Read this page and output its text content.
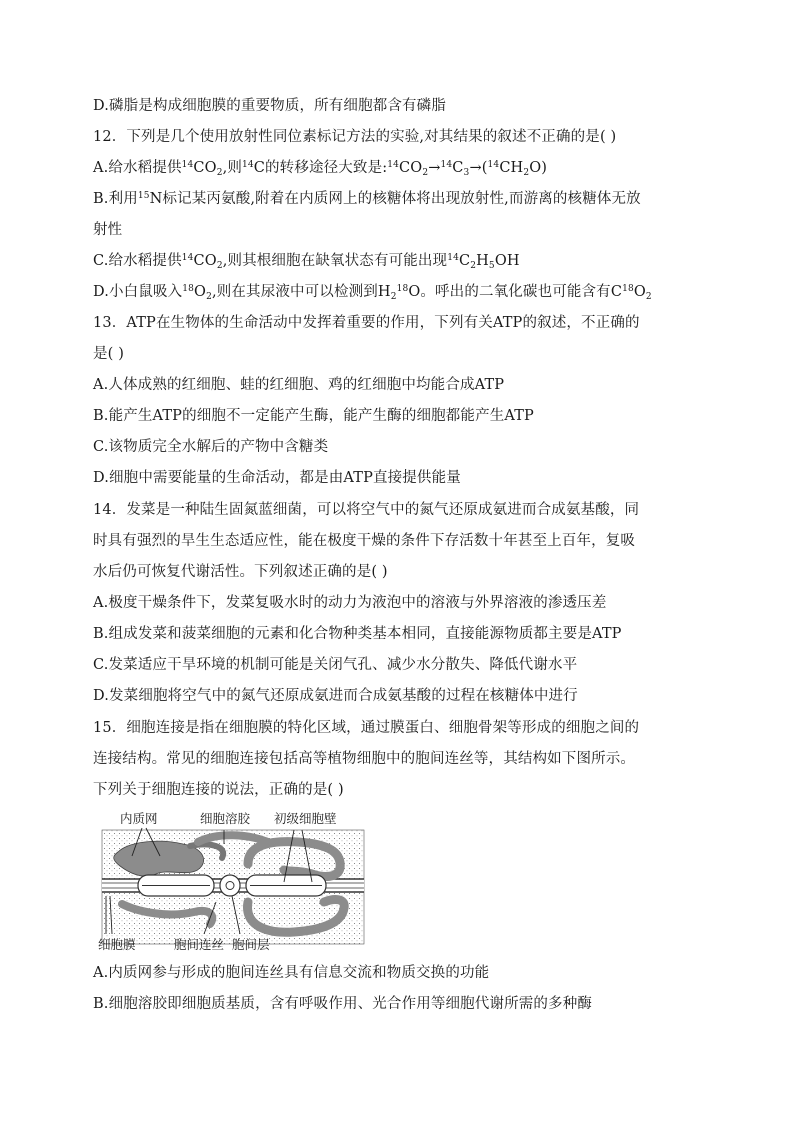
D.磷脂是构成细胞膜的重要物质，所有细胞都含有磷脂
12．下列是几个使用放射性同位素标记方法的实验,对其结果的叙述不正确的是( )
A.给水稻提供$^{14}CO_2$,则$^{14}$C的转移途径大致是$:^{14}CO_2\to^{14}C_3\to(^{14}CH_2O)$
B.利用$^{15}$N标记某丙氨酸,附着在内质网上的核糖体将出现放射性,而游离的核糖体无放
射性
C.给水稻提供$^{14}CO_2$,则其根细胞在缺氧状态有可能出现$^{14}C_2H_5OH$
D.小白鼠吸入$^{18}O_2$,则在其尿液中可以检测到$H_2^{18}O$。呼出的二氧化碳也可能含有$C^{18}O_2$
13．ATP在生物体的生命活动中发挥着重要的作用，下列有关ATP的叙述，不正确的
是( )
A.人体成熟的红细胞、蛙的红细胞、鸡的红细胞中均能合成ATP
B.能产生ATP的细胞不一定能产生酶，能产生酶的细胞都能产生ATP
C.该物质完全水解后的产物中含糖类
D.细胞中需要能量的生命活动，都是由ATP直接提供能量
14．发菜是一种陆生固氮蓝细菌，可以将空气中的氮气还原成氨进而合成氨基酸，同
时具有强烈的旱生生态适应性，能在极度干燥的条件下存活数十年甚至上百年，复吸
水后仍可恢复代谢活性。下列叙述正确的是( )
A.极度干燥条件下，发菜复吸水时的动力为液泡中的溶液与外界溶液的渗透压差
B.组成发菜和菠菜细胞的元素和化合物种类基本相同，直接能源物质都主要是ATP
C.发菜适应干旱环境的机制可能是关闭气孔、减少水分散失、降低代谢水平
D.发菜细胞将空气中的氮气还原成氨进而合成氨基酸的过程在核糖体中进行
15．细胞连接是指在细胞膜的特化区域，通过膜蛋白、细胞骨架等形成的细胞之间的
连接结构。常见的细胞连接包括高等植物细胞中的胞间连丝等，其结构如下图所示。
下列关于细胞连接的说法，正确的是( )
内质网	细胞溶胶 初级细胞壁
细胞膜	胞间连丝 胞间层
A.内质网参与形成的胞间连丝具有信息交流和物质交换的功能
B.细胞溶胶即细胞质基质，含有呼吸作用、光合作用等细胞代谢所需的多种酶
